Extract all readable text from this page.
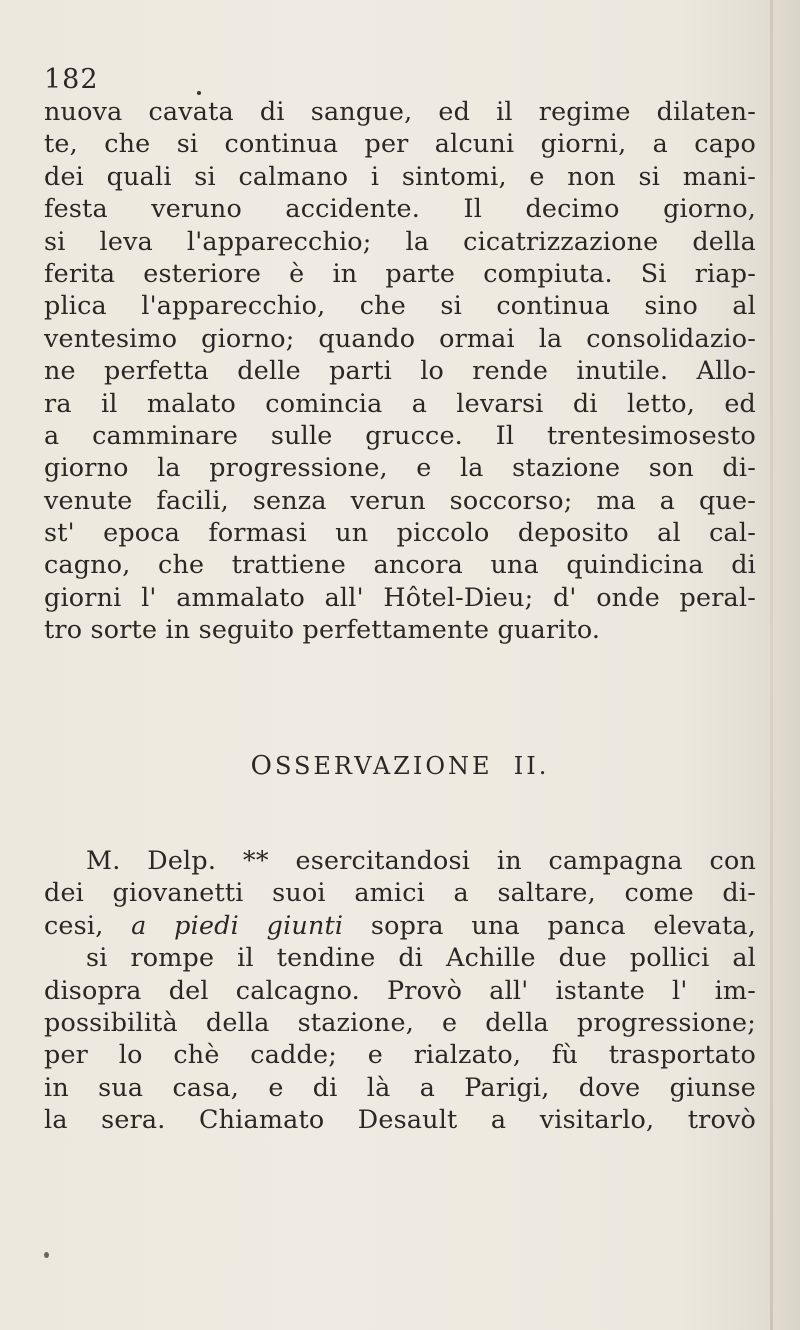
182
nuova cavata di sangue, ed il regime dilaten-
te, che si continua per alcuni giorni, a capo
dei quali si calmano i sintomi, e non si mani-
festa veruno accidente. Il decimo giorno,
si leva l'apparecchio; la cicatrizzazione della
ferita esteriore è in parte compiuta. Si riap-
plica l'apparecchio, che si continua sino al
ventesimo giorno; quando ormai la consolidazio-
ne perfetta delle parti lo rende inutile. Allo-
ra il malato comincia a levarsi di letto, ed
a camminare sulle grucce. Il trentesimosesto
giorno la progressione, e la stazione son di-
venute facili, senza verun soccorso; ma a que-
st' epoca formasi un piccolo deposito al cal-
cagno, che trattiene ancora una quindicina di
giorni l' ammalato all' Hôtel-Dieu; d' onde peral-
tro sorte in seguito perfettamente guarito.
OSSERVAZIONE II.
M. Delp. ** esercitandosi in campagna con
dei giovanetti suoi amici a saltare, come di-
cesi, a piedi giunti sopra una panca elevata,
si rompe il tendine di Achille due pollici al
disopra del calcagno. Provò all' istante l' im-
possibilità della stazione, e della progressione;
per lo chè cadde; e rialzato, fù trasportato
in sua casa, e di là a Parigi, dove giunse
la sera. Chiamato Desault a visitarlo, trovò
